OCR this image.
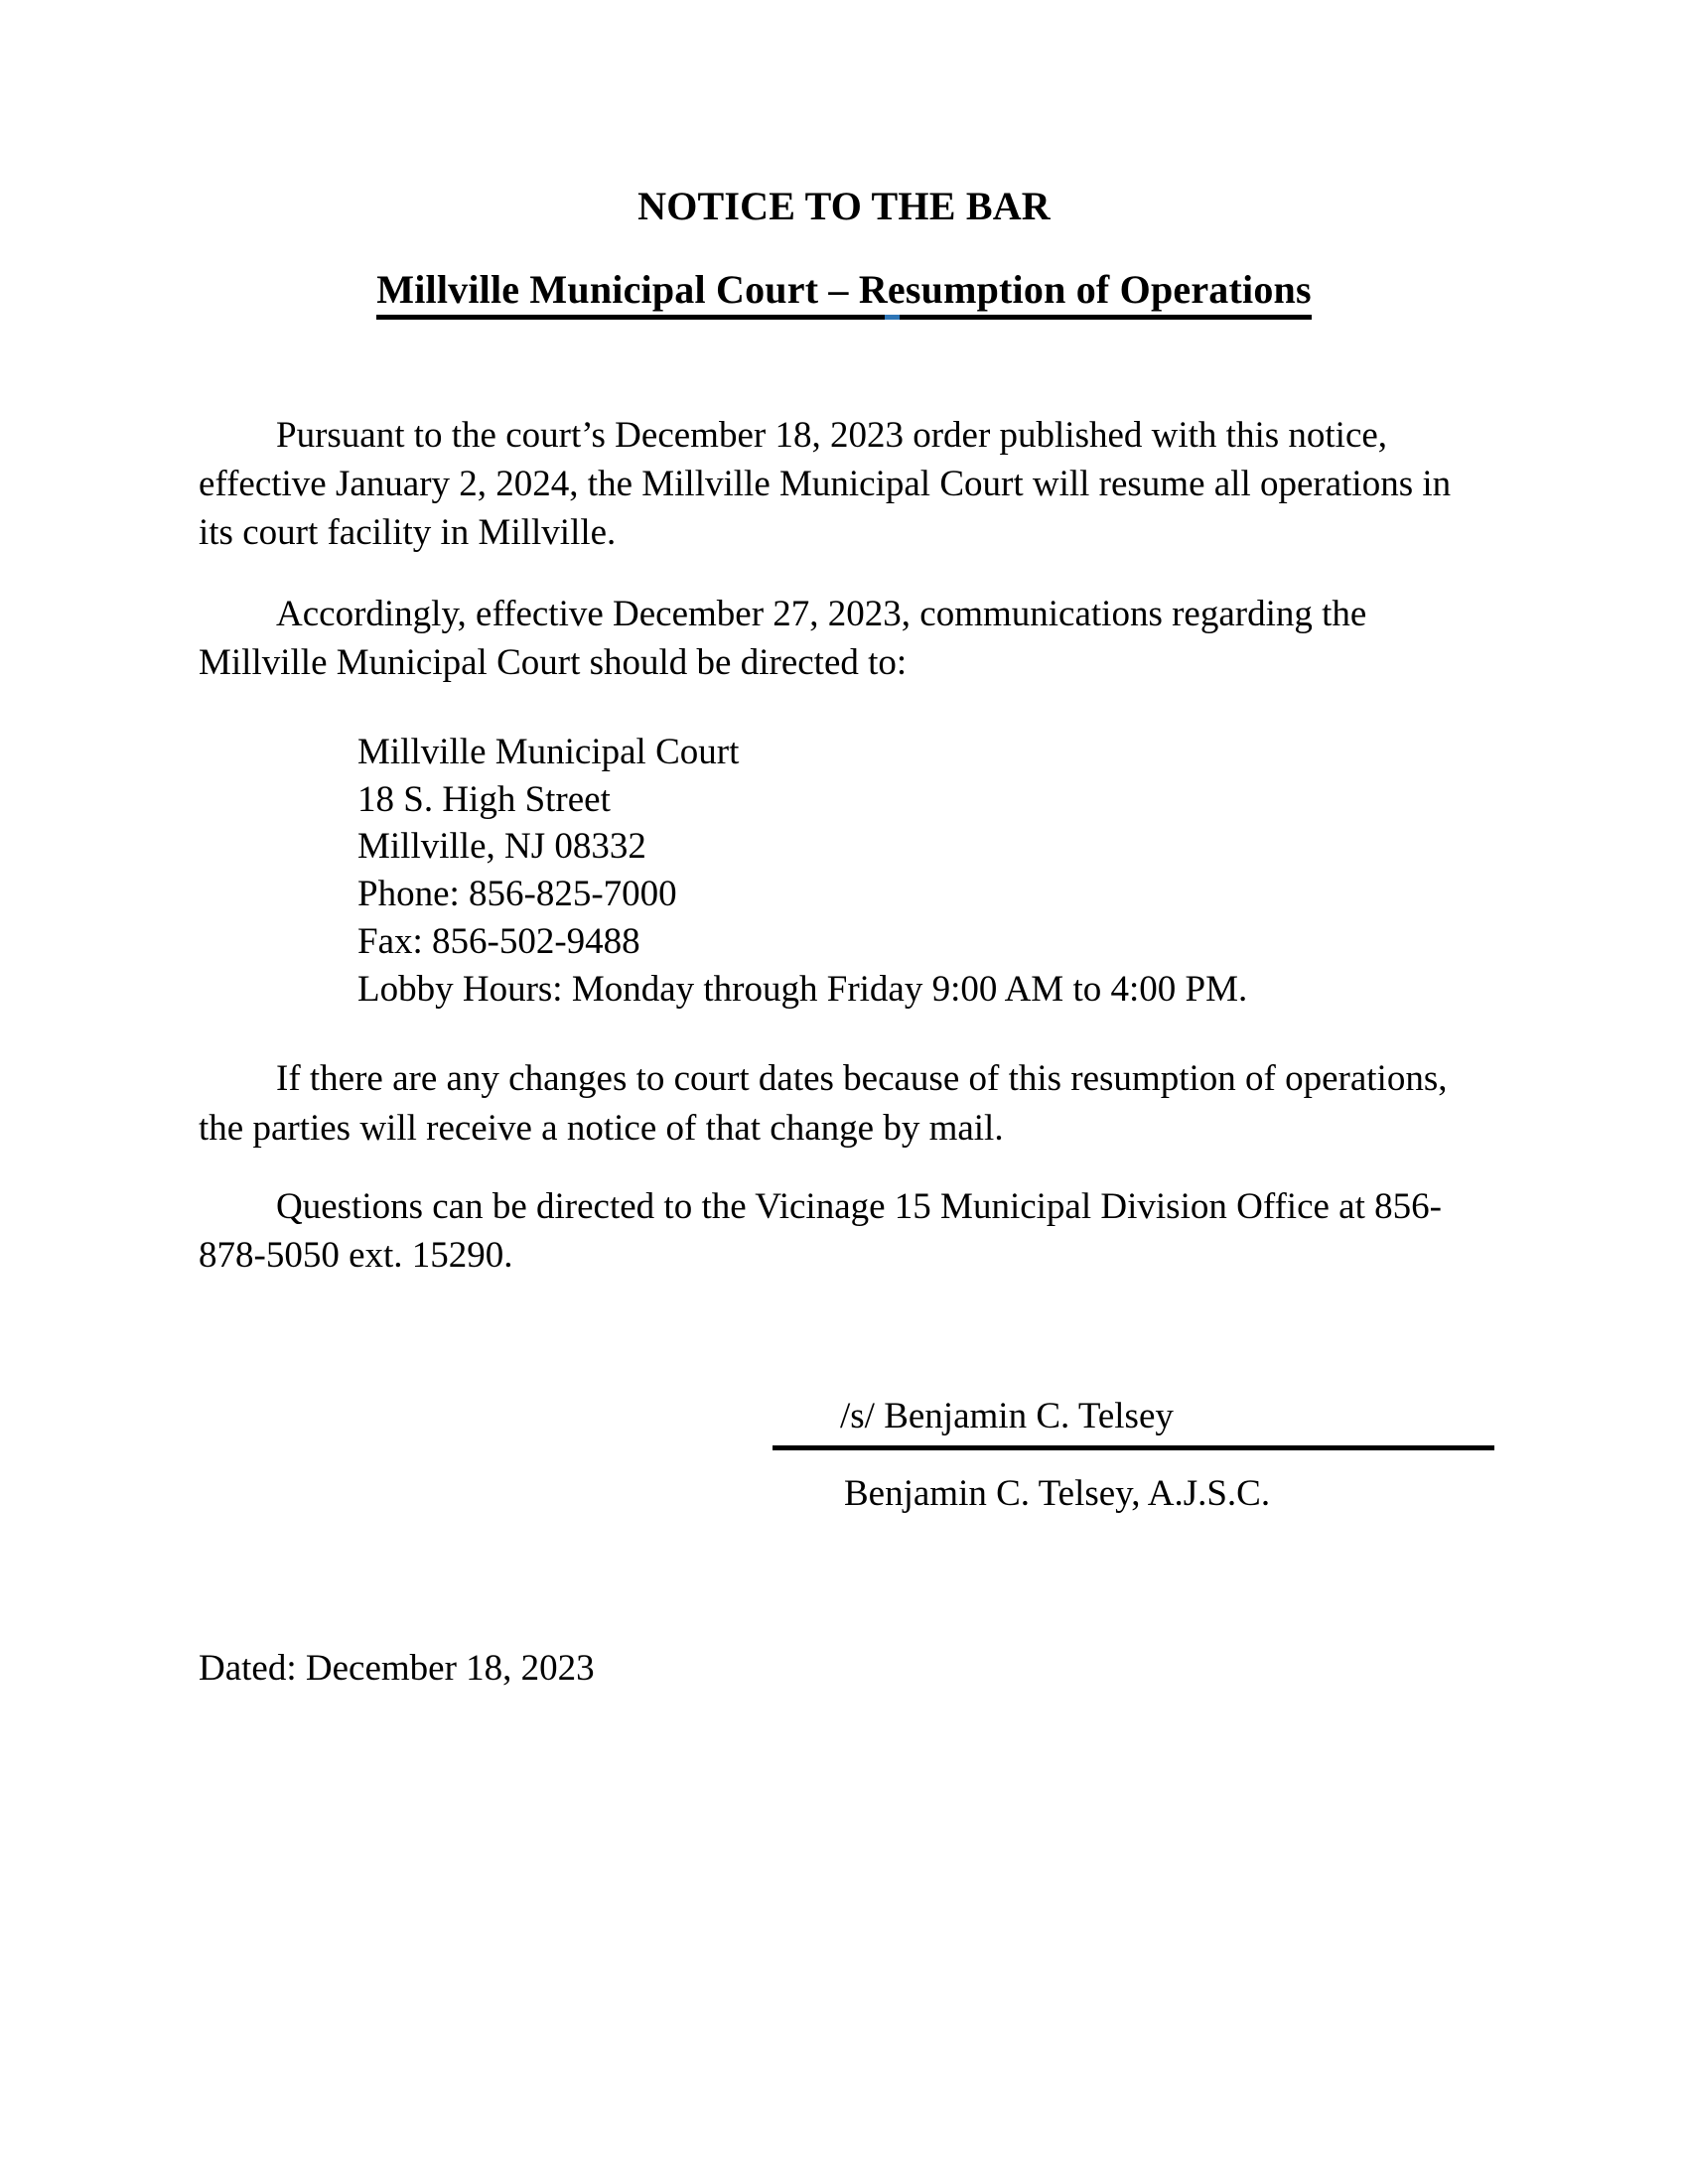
NOTICE TO THE BAR
Millville Municipal Court – Resumption of Operations

Pursuant to the court’s December 18, 2023 order published with this notice, effective January 2, 2024, the Millville Municipal Court will resume all operations in its court facility in Millville.

Accordingly, effective December 27, 2023, communications regarding the Millville Municipal Court should be directed to:

Millville Municipal Court
18 S. High Street
Millville, NJ 08332
Phone: 856-825-7000
Fax: 856-502-9488
Lobby Hours: Monday through Friday 9:00 AM to 4:00 PM.

If there are any changes to court dates because of this resumption of operations, the parties will receive a notice of that change by mail.

Questions can be directed to the Vicinage 15 Municipal Division Office at 856-878-5050 ext. 15290.

/s/ Benjamin C. Telsey
Benjamin C. Telsey, A.J.S.C.

Dated: December 18, 2023
